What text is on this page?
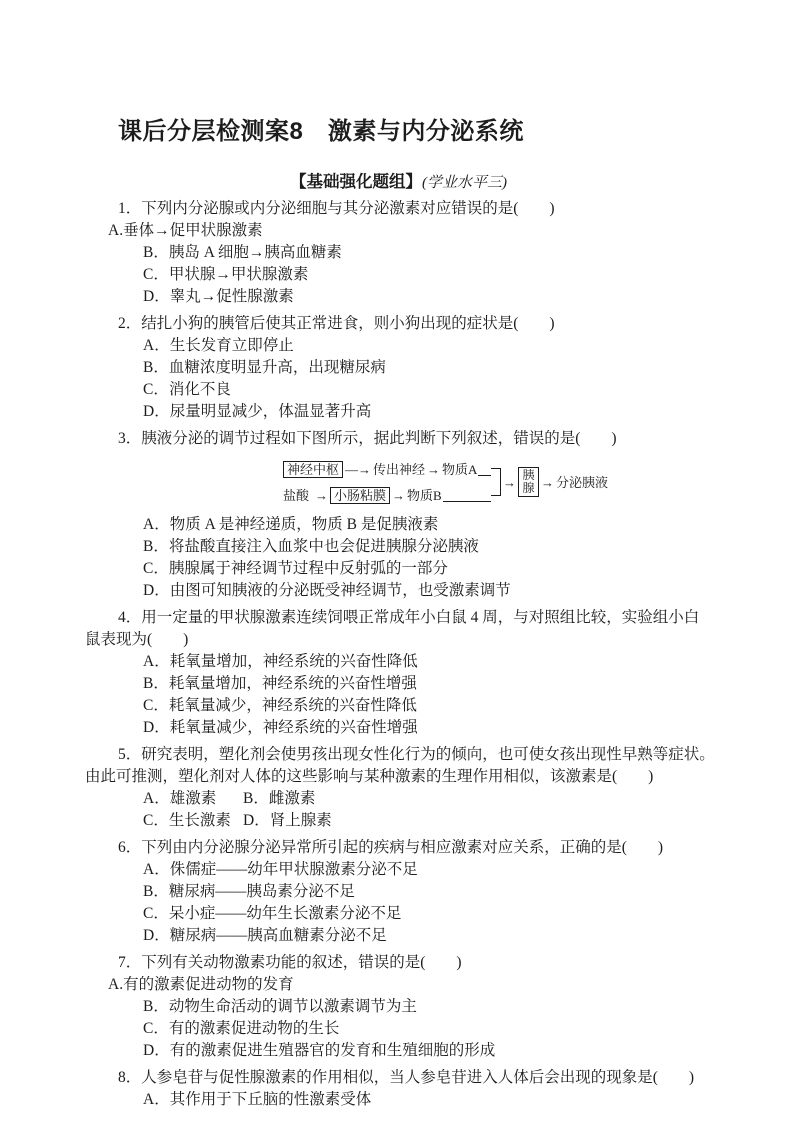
课后分层检测案8　激素与内分泌系统
【基础强化题组】(学业水平三)
1．下列内分泌腺或内分泌细胞与其分泌激素对应错误的是(　　)
A.垂体→促甲状腺激素
B．胰岛 A 细胞→胰高血糖素
C．甲状腺→甲状腺激素
D．睾丸→促性腺激素
2．结扎小狗的胰管后使其正常进食，则小狗出现的症状是(　　)
A．生长发育立即停止
B．血糖浓度明显升高，出现糖尿病
C．消化不良
D．尿量明显减少，体温显著升高
3．胰液分泌的调节过程如下图所示，据此判断下列叙述，错误的是(　　)
神经中枢 —→ 传出神经 → 物质A
盐酸 → 小肠粘膜 → 物质B
→ 胰腺 → 分泌胰液
A．物质 A 是神经递质，物质 B 是促胰液素
B．将盐酸直接注入血浆中也会促进胰腺分泌胰液
C．胰腺属于神经调节过程中反射弧的一部分
D．由图可知胰液的分泌既受神经调节，也受激素调节
4．用一定量的甲状腺激素连续饲喂正常成年小白鼠 4 周，与对照组比较，实验组小白
鼠表现为(　　)
A．耗氧量增加，神经系统的兴奋性降低
B．耗氧量增加，神经系统的兴奋性增强
C．耗氧量减少，神经系统的兴奋性降低
D．耗氧量减少，神经系统的兴奋性增强
5．研究表明，塑化剂会使男孩出现女性化行为的倾向，也可使女孩出现性早熟等症状。
由此可推测，塑化剂对人体的这些影响与某种激素的生理作用相似，该激素是(　　)
A．雄激素 B．雌激素
C．生长激素 D．肾上腺素
6．下列由内分泌腺分泌异常所引起的疾病与相应激素对应关系，正确的是(　　)
A．侏儒症——幼年甲状腺激素分泌不足
B．糖尿病——胰岛素分泌不足
C．呆小症——幼年生长激素分泌不足
D．糖尿病——胰高血糖素分泌不足
7．下列有关动物激素功能的叙述，错误的是(　　)
A.有的激素促进动物的发育
B．动物生命活动的调节以激素调节为主
C．有的激素促进动物的生长
D．有的激素促进生殖器官的发育和生殖细胞的形成
8．人参皂苷与促性腺激素的作用相似，当人参皂苷进入人体后会出现的现象是(　　)
A．其作用于下丘脑的性激素受体
